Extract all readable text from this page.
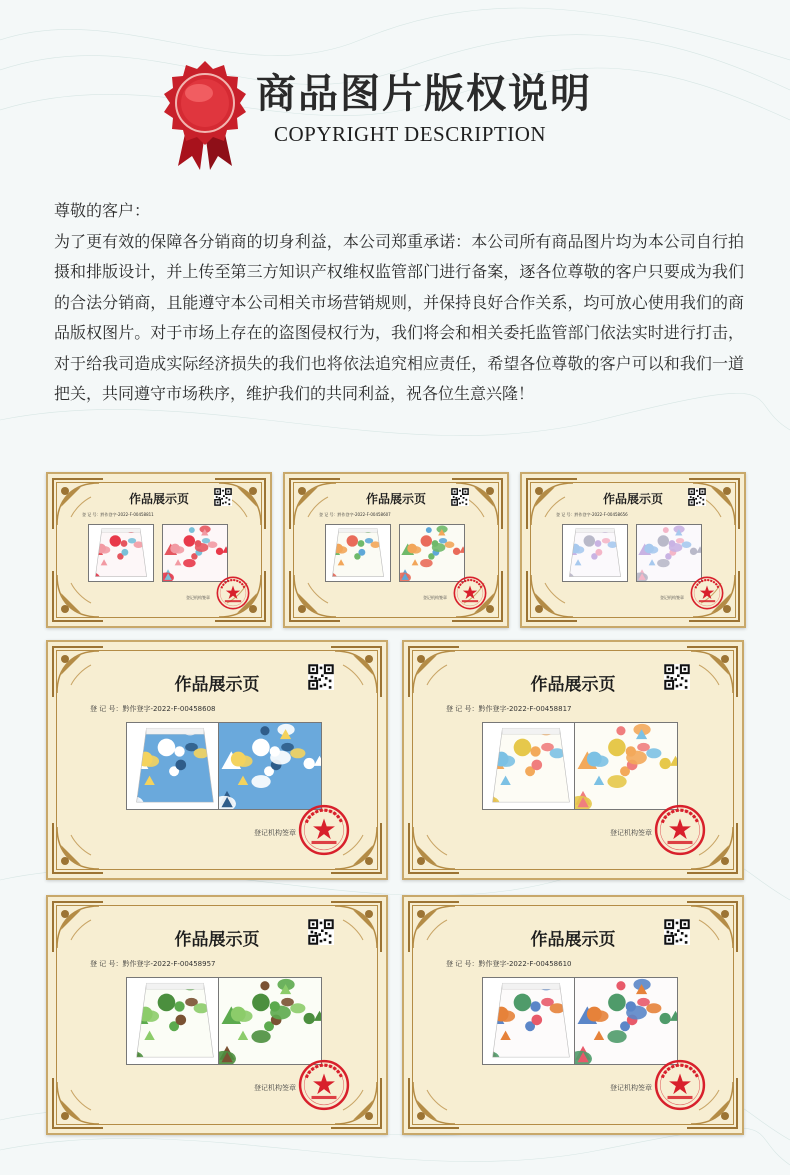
商品图片版权说明
COPYRIGHT DESCRIPTION

尊敬的客户：

为了更有效的保障各分销商的切身利益，本公司郑重承诺：本公司所有商品图片均为本公司自行拍摄和排版设计，并上传至第三方知识产权维权监管部门进行备案，逐各位尊敬的客户只要成为我们的合法分销商，且能遵守本公司相关市场营销规则，并保持良好合作关系，均可放心使用我们的商品版权图片。对于市场上存在的盗图侵权行为，我们将会和相关委托监管部门依法实时进行打击，对于给我司造成实际经济损失的我们也将依法追究相应责任，希望各位尊敬的客户可以和我们一道把关，共同遵守市场秩序，维护我们的共同利益，祝各位生意兴隆！

作品展示页
登 记 号：黔作登字-2022-F-00458811
登记机构签章
作品展示页
登 记 号：黔作登字-2022-F-00458607
登记机构签章
作品展示页
登 记 号：黔作登字-2022-F-00458656
登记机构签章
作品展示页
登 记 号：黔作登字-2022-F-00458608
登记机构签章
作品展示页
登 记 号：黔作登字-2022-F-00458817
登记机构签章
作品展示页
登 记 号：黔作登字-2022-F-00458957
登记机构签章
作品展示页
登 记 号：黔作登字-2022-F-00458610
登记机构签章
